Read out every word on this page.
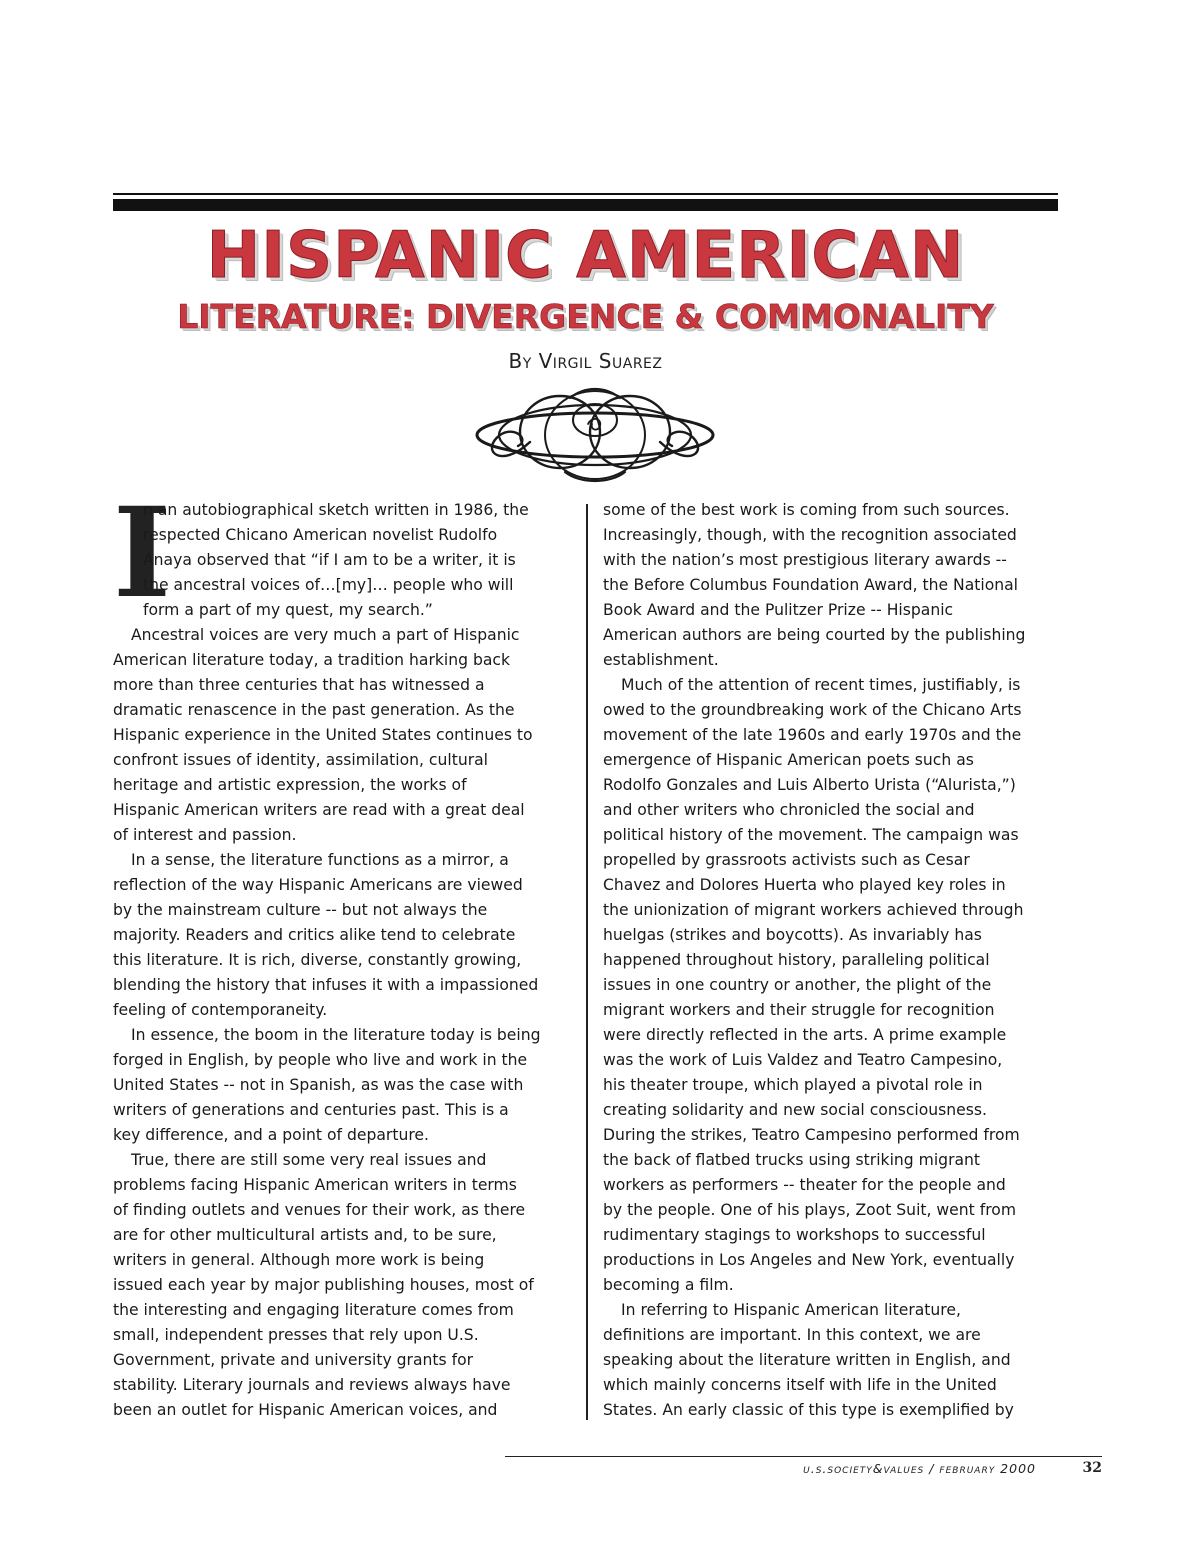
HISPANIC AMERICAN
LITERATURE: DIVERGENCE & COMMONALITY
By Virgil Suarez
I
n an autobiographical sketch written in 1986, the
respected Chicano American novelist Rudolfo
Anaya observed that “if I am to be a writer, it is
the ancestral voices of…[my]… people who will
form a part of my quest, my search.”
Ancestral voices are very much a part of Hispanic
American literature today, a tradition harking back
more than three centuries that has witnessed a
dramatic renascence in the past generation. As the
Hispanic experience in the United States continues to
confront issues of identity, assimilation, cultural
heritage and artistic expression, the works of
Hispanic American writers are read with a great deal
of interest and passion.
In a sense, the literature functions as a mirror, a
reflection of the way Hispanic Americans are viewed
by the mainstream culture -- but not always the
majority. Readers and critics alike tend to celebrate
this literature. It is rich, diverse, constantly growing,
blending the history that infuses it with a impassioned
feeling of contemporaneity.
In essence, the boom in the literature today is being
forged in English, by people who live and work in the
United States -- not in Spanish, as was the case with
writers of generations and centuries past. This is a
key difference, and a point of departure.
True, there are still some very real issues and
problems facing Hispanic American writers in terms
of finding outlets and venues for their work, as there
are for other multicultural artists and, to be sure,
writers in general. Although more work is being
issued each year by major publishing houses, most of
the interesting and engaging literature comes from
small, independent presses that rely upon U.S.
Government, private and university grants for
stability. Literary journals and reviews always have
been an outlet for Hispanic American voices, and
some of the best work is coming from such sources.
Increasingly, though, with the recognition associated
with the nation’s most prestigious literary awards --
the Before Columbus Foundation Award, the National
Book Award and the Pulitzer Prize -- Hispanic
American authors are being courted by the publishing
establishment.
Much of the attention of recent times, justifiably, is
owed to the groundbreaking work of the Chicano Arts
movement of the late 1960s and early 1970s and the
emergence of Hispanic American poets such as
Rodolfo Gonzales and Luis Alberto Urista (“Alurista,”)
and other writers who chronicled the social and
political history of the movement. The campaign was
propelled by grassroots activists such as Cesar
Chavez and Dolores Huerta who played key roles in
the unionization of migrant workers achieved through
huelgas (strikes and boycotts). As invariably has
happened throughout history, paralleling political
issues in one country or another, the plight of the
migrant workers and their struggle for recognition
were directly reflected in the arts. A prime example
was the work of Luis Valdez and Teatro Campesino,
his theater troupe, which played a pivotal role in
creating solidarity and new social consciousness.
During the strikes, Teatro Campesino performed from
the back of flatbed trucks using striking migrant
workers as performers -- theater for the people and
by the people. One of his plays, Zoot Suit, went from
rudimentary stagings to workshops to successful
productions in Los Angeles and New York, eventually
becoming a film.
In referring to Hispanic American literature,
definitions are important. In this context, we are
speaking about the literature written in English, and
which mainly concerns itself with life in the United
States. An early classic of this type is exemplified by
u.s.society&values / february 2000	32
